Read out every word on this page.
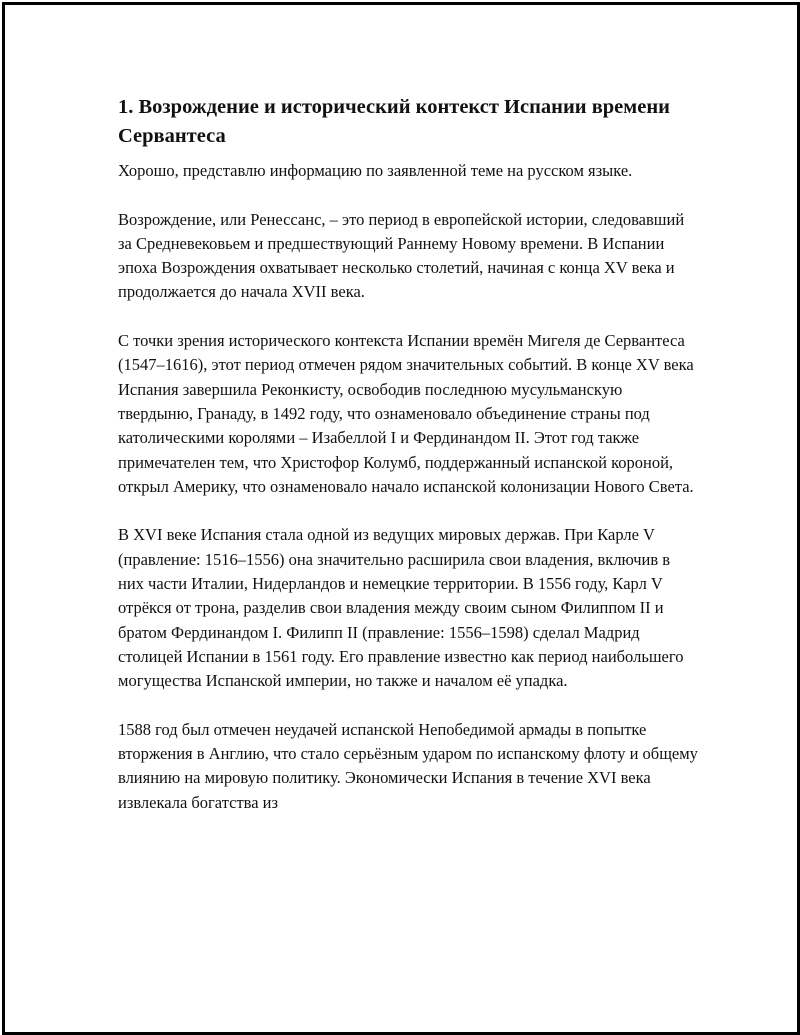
1. Возрождение и исторический контекст Испании времени Сервантеса

Хорошо, представлю информацию по заявленной теме на русском языке.

Возрождение, или Ренессанс, – это период в европейской истории, следовавший за Средневековьем и предшествующий Раннему Новому времени. В Испании эпоха Возрождения охватывает несколько столетий, начиная с конца XV века и продолжается до начала XVII века.

С точки зрения исторического контекста Испании времён Мигеля де Сервантеса (1547–1616), этот период отмечен рядом значительных событий. В конце XV века Испания завершила Реконкисту, освободив последнюю мусульманскую твердыню, Гранаду, в 1492 году, что ознаменовало объединение страны под католическими королями – Изабеллой I и Фердинандом II. Этот год также примечателен тем, что Христофор Колумб, поддержанный испанской короной, открыл Америку, что ознаменовало начало испанской колонизации Нового Света.

В XVI веке Испания стала одной из ведущих мировых держав. При Карле V (правление: 1516–1556) она значительно расширила свои владения, включив в них части Италии, Нидерландов и немецкие территории. В 1556 году, Карл V отрёкся от трона, разделив свои владения между своим сыном Филиппом II и братом Фердинандом I. Филипп II (правление: 1556–1598) сделал Мадрид столицей Испании в 1561 году. Его правление известно как период наибольшего могущества Испанской империи, но также и началом её упадка.

1588 год был отмечен неудачей испанской Непобедимой армады в попытке вторжения в Англию, что стало серьёзным ударом по испанскому флоту и общему влиянию на мировую политику. Экономически Испания в течение XVI века извлекала богатства из
